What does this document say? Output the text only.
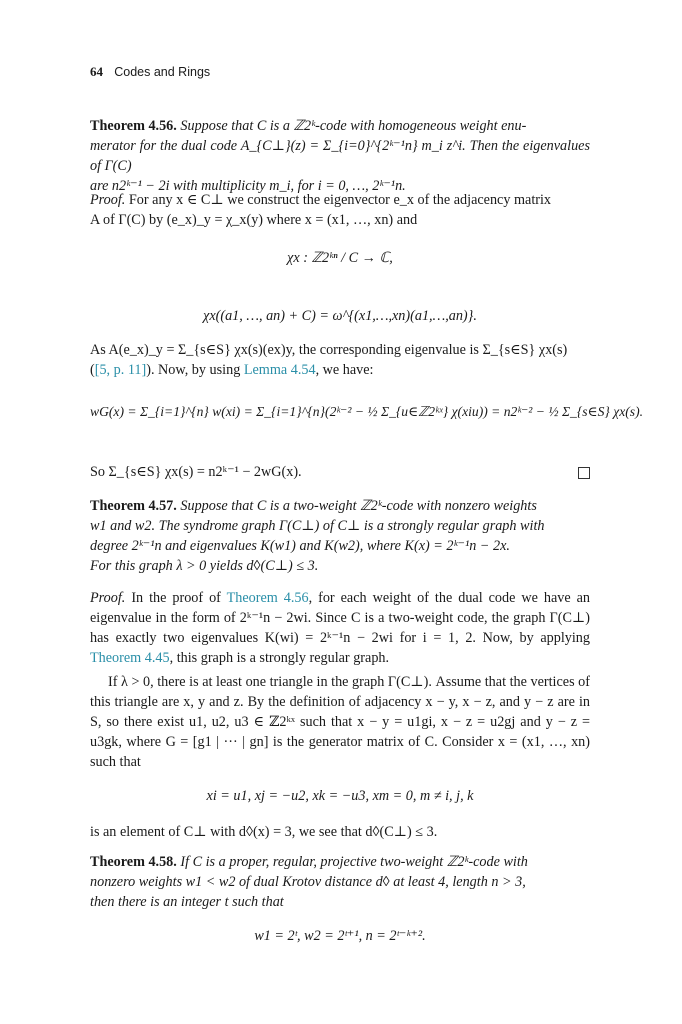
64 Codes and Rings
Theorem 4.56. Suppose that C is a ℤ2ᵏ-code with homogeneous weight enu-
merator for the dual code A_{C⊥}(z) = Σ_{i=0}^{2ᵏ⁻¹n} m_i z^i. Then the eigenvalues of Γ(C)
are n2ᵏ⁻¹ − 2i with multiplicity m_i, for i = 0, …, 2ᵏ⁻¹n.
Proof. For any x ∈ C⊥ we construct the eigenvector e_x of the adjacency matrix
A of Γ(C) by (e_x)_y = χ_x(y) where x = (x1, …, xn) and
χx : ℤ2ᵏⁿ / C → ℂ,
χx((a1, …, an) + C) = ω^{(x1,…,xn)(a1,…,an)}.
As A(e_x)_y = Σ_{s∈S} χx(s)(ex)y, the corresponding eigenvalue is Σ_{s∈S} χx(s)
([5, p. 11]). Now, by using Lemma 4.54, we have:
wG(x) = Σ_{i=1}^{n} w(xi) = Σ_{i=1}^{n}(2ᵏ⁻² − ½ Σ_{u∈ℤ2ᵏˣ} χ(xiu)) = n2ᵏ⁻² − ½ Σ_{s∈S} χx(s).
So Σ_{s∈S} χx(s) = n2ᵏ⁻¹ − 2wG(x).
Theorem 4.57. Suppose that C is a two-weight ℤ2ᵏ-code with nonzero weights
w1 and w2. The syndrome graph Γ(C⊥) of C⊥ is a strongly regular graph with
degree 2ᵏ⁻¹n and eigenvalues K(w1) and K(w2), where K(x) = 2ᵏ⁻¹n − 2x.
For this graph λ > 0 yields d◊(C⊥) ≤ 3.
Proof. In the proof of Theorem 4.56, for each weight of the dual code we have an eigenvalue in the form of 2ᵏ⁻¹n − 2wi. Since C is a two-weight code, the graph Γ(C⊥) has exactly two eigenvalues K(wi) = 2ᵏ⁻¹n − 2wi for i = 1, 2. Now, by applying Theorem 4.45, this graph is a strongly regular graph.
If λ > 0, there is at least one triangle in the graph Γ(C⊥). Assume that the vertices of this triangle are x, y and z. By the definition of adjacency x − y, x − z, and y − z are in S, so there exist u1, u2, u3 ∈ ℤ2ᵏˣ such that x − y = u1gi, x − z = u2gj and y − z = u3gk, where G = [g1 | ··· | gn] is the generator matrix of C. Consider x = (x1, …, xn) such that
xi = u1, xj = −u2, xk = −u3, xm = 0, m ≠ i, j, k
is an element of C⊥ with d◊(x) = 3, we see that d◊(C⊥) ≤ 3.
Theorem 4.58. If C is a proper, regular, projective two-weight ℤ2ᵏ-code with
nonzero weights w1 < w2 of dual Krotov distance d◊ at least 4, length n > 3,
then there is an integer t such that
w1 = 2ᵗ, w2 = 2ᵗ⁺¹, n = 2ᵗ⁻ᵏ⁺².
